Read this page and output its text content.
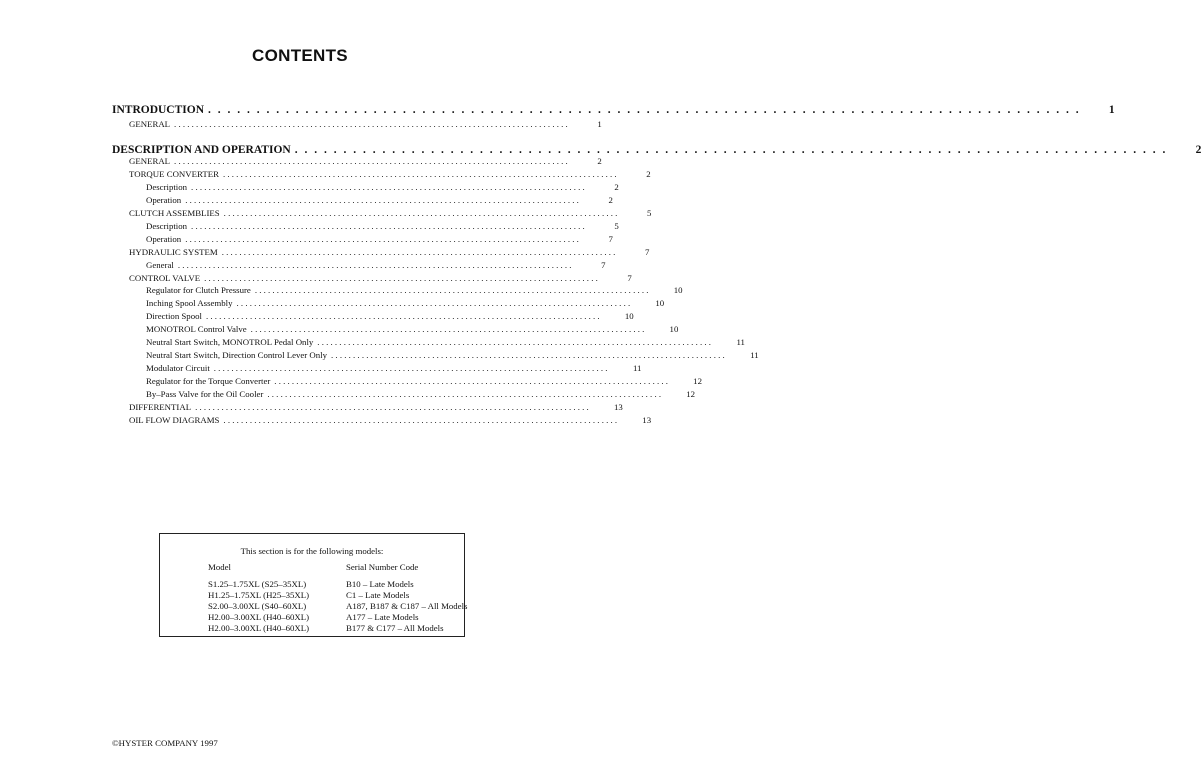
CONTENTS
INTRODUCTION . . . . . . . . . . . . . . . . . . . . . . . . . . . . . . . . . . . . . . . . . . . . . . . . . . . . . . . . . . . . . . . . . . . . . . . . . . . . . . . . . . . . . . . . . .	1
GENERAL . . . . . . . . . . . . . . . . . . . . . . . . . . . . . . . . . . . . . . . . . . . . . . . . . . . . . . . . . . . . . . . . . . . . . . . . . . . . . . . . . . . . . . . . . .	1
DESCRIPTION AND OPERATION . . . . . . . . . . . . . . . . . . . . . . . . . . . . . . . . . . . . . . . . . . . . . . . . . . . . . . . . . . . . . . . . . . . . . . . . . . . . . . . . . . . . . . . . . .	2
GENERAL . . . . . . . . . . . . . . . . . . . . . . . . . . . . . . . . . . . . . . . . . . . . . . . . . . . . . . . . . . . . . . . . . . . . . . . . . . . . . . . . . . . . . . . . . .	2
TORQUE CONVERTER . . . . . . . . . . . . . . . . . . . . . . . . . . . . . . . . . . . . . . . . . . . . . . . . . . . . . . . . . . . . . . . . . . . . . . . . . . . . . . . . . . . . . . . . . .	2
Description . . . . . . . . . . . . . . . . . . . . . . . . . . . . . . . . . . . . . . . . . . . . . . . . . . . . . . . . . . . . . . . . . . . . . . . . . . . . . . . . . . . . . . . . . .	2
Operation . . . . . . . . . . . . . . . . . . . . . . . . . . . . . . . . . . . . . . . . . . . . . . . . . . . . . . . . . . . . . . . . . . . . . . . . . . . . . . . . . . . . . . . . . .	2
CLUTCH ASSEMBLIES . . . . . . . . . . . . . . . . . . . . . . . . . . . . . . . . . . . . . . . . . . . . . . . . . . . . . . . . . . . . . . . . . . . . . . . . . . . . . . . . . . . . . . . . . .	5
Description . . . . . . . . . . . . . . . . . . . . . . . . . . . . . . . . . . . . . . . . . . . . . . . . . . . . . . . . . . . . . . . . . . . . . . . . . . . . . . . . . . . . . . . . . .	5
Operation . . . . . . . . . . . . . . . . . . . . . . . . . . . . . . . . . . . . . . . . . . . . . . . . . . . . . . . . . . . . . . . . . . . . . . . . . . . . . . . . . . . . . . . . . .	7
HYDRAULIC SYSTEM . . . . . . . . . . . . . . . . . . . . . . . . . . . . . . . . . . . . . . . . . . . . . . . . . . . . . . . . . . . . . . . . . . . . . . . . . . . . . . . . . . . . . . . . . .	7
General . . . . . . . . . . . . . . . . . . . . . . . . . . . . . . . . . . . . . . . . . . . . . . . . . . . . . . . . . . . . . . . . . . . . . . . . . . . . . . . . . . . . . . . . . .	7
CONTROL VALVE . . . . . . . . . . . . . . . . . . . . . . . . . . . . . . . . . . . . . . . . . . . . . . . . . . . . . . . . . . . . . . . . . . . . . . . . . . . . . . . . . . . . . . . . . .	7
Regulator for Clutch Pressure . . . . . . . . . . . . . . . . . . . . . . . . . . . . . . . . . . . . . . . . . . . . . . . . . . . . . . . . . . . . . . . . . . . . . . . . . . . . . . . . . . . . . . . . . .	10
Inching Spool Assembly . . . . . . . . . . . . . . . . . . . . . . . . . . . . . . . . . . . . . . . . . . . . . . . . . . . . . . . . . . . . . . . . . . . . . . . . . . . . . . . . . . . . . . . . . .	10
Direction Spool . . . . . . . . . . . . . . . . . . . . . . . . . . . . . . . . . . . . . . . . . . . . . . . . . . . . . . . . . . . . . . . . . . . . . . . . . . . . . . . . . . . . . . . . . .	10
MONOTROL Control Valve . . . . . . . . . . . . . . . . . . . . . . . . . . . . . . . . . . . . . . . . . . . . . . . . . . . . . . . . . . . . . . . . . . . . . . . . . . . . . . . . . . . . . . . . . .	10
Neutral Start Switch, MONOTROL Pedal Only . . . . . . . . . . . . . . . . . . . . . . . . . . . . . . . . . . . . . . . . . . . . . . . . . . . . . . . . . . . . . . . . . . . . . . . . . . . . . . . . . . . . . . . . . .	11
Neutral Start Switch, Direction Control Lever Only . . . . . . . . . . . . . . . . . . . . . . . . . . . . . . . . . . . . . . . . . . . . . . . . . . . . . . . . . . . . . . . . . . . . . . . . . . . . . . . . . . . . . . . . . .	11
Modulator Circuit . . . . . . . . . . . . . . . . . . . . . . . . . . . . . . . . . . . . . . . . . . . . . . . . . . . . . . . . . . . . . . . . . . . . . . . . . . . . . . . . . . . . . . . . . .	11
Regulator for the Torque Converter . . . . . . . . . . . . . . . . . . . . . . . . . . . . . . . . . . . . . . . . . . . . . . . . . . . . . . . . . . . . . . . . . . . . . . . . . . . . . . . . . . . . . . . . . .	12
By–Pass Valve for the Oil Cooler . . . . . . . . . . . . . . . . . . . . . . . . . . . . . . . . . . . . . . . . . . . . . . . . . . . . . . . . . . . . . . . . . . . . . . . . . . . . . . . . . . . . . . . . . .	12
DIFFERENTIAL . . . . . . . . . . . . . . . . . . . . . . . . . . . . . . . . . . . . . . . . . . . . . . . . . . . . . . . . . . . . . . . . . . . . . . . . . . . . . . . . . . . . . . . . . .	13
OIL FLOW DIAGRAMS . . . . . . . . . . . . . . . . . . . . . . . . . . . . . . . . . . . . . . . . . . . . . . . . . . . . . . . . . . . . . . . . . . . . . . . . . . . . . . . . . . . . . . . . . .	13
This section is for the following models:
Model	Serial Number Code
S1.25–1.75XL (S25–35XL)	B10 – Late Models
H1.25–1.75XL (H25–35XL)	C1 – Late Models
S2.00–3.00XL (S40–60XL)	A187, B187 & C187 – All Models
H2.00–3.00XL (H40–60XL)	A177 – Late Models
H2.00–3.00XL (H40–60XL)	B177 & C177 – All Models
©HYSTER COMPANY 1997
